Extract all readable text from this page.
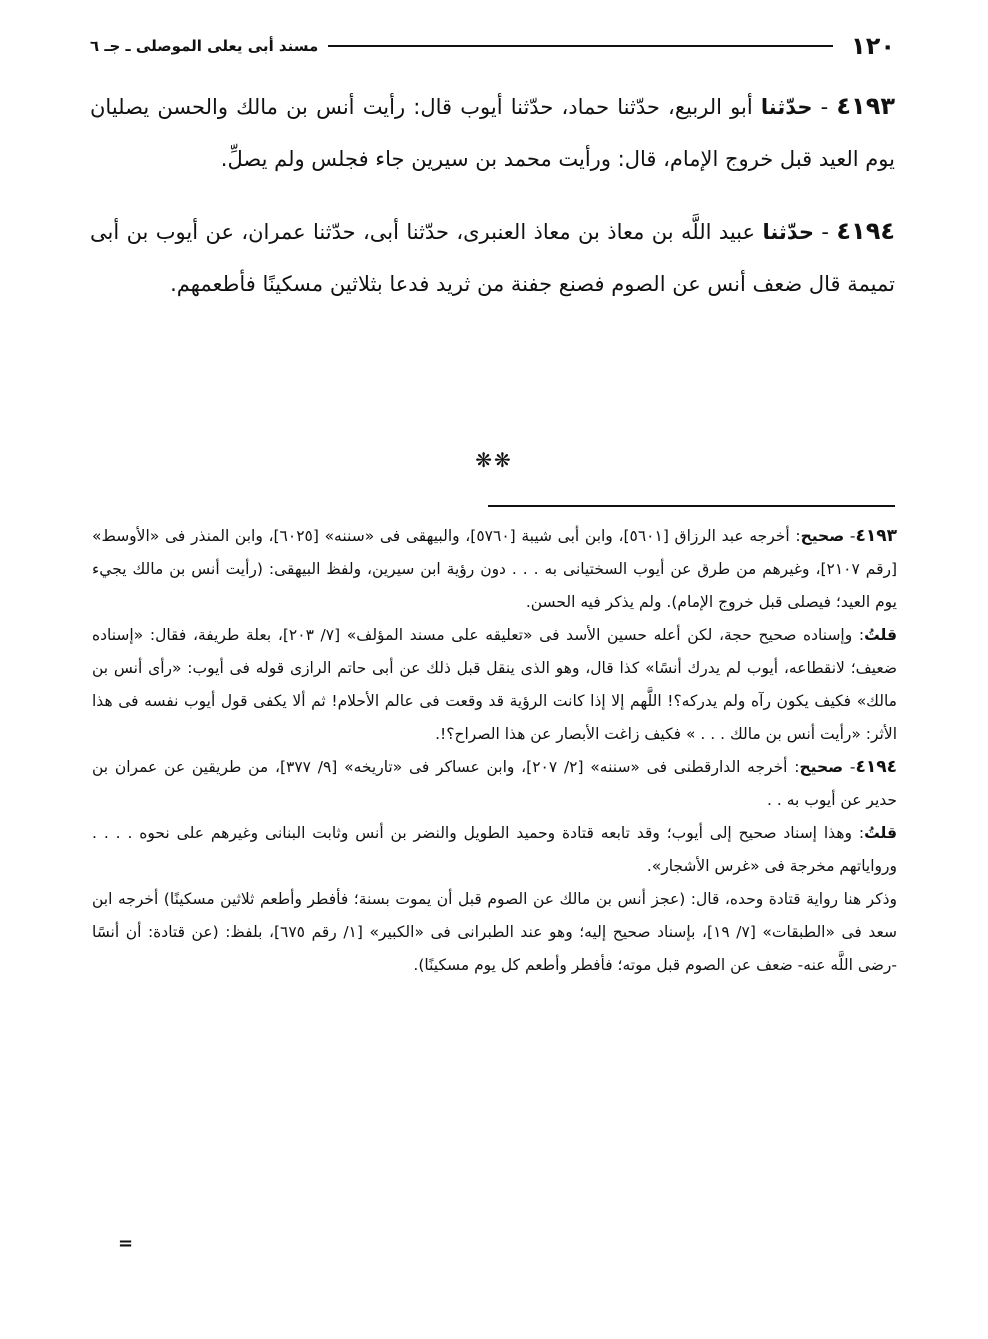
١٢٠
مسند أبى يعلى الموصلى ـ جـ ٦

٤١٩٣ - حدّثنا أبو الربيع، حدّثنا حماد، حدّثنا أيوب قال: رأيت أنس بن مالك والحسن يصليان يوم العيد قبل خروج الإمام، قال: ورأيت محمد بن سيرين جاء فجلس ولم يصلِّ.

٤١٩٤ - حدّثنا عبيد اللَّه بن معاذ بن معاذ العنبرى، حدّثنا أبى، حدّثنا عمران، عن أيوب بن أبى تميمة قال ضعف أنس عن الصوم فصنع جفنة من ثريد فدعا بثلاثين مسكينًا فأطعمهم.

❋❋

٤١٩٣- صحيح: أخرجه عبد الرزاق [٥٦٠١]، وابن أبى شيبة [٥٧٦٠]، والبيهقى فى «سننه» [٦٠٢٥]، وابن المنذر فى «الأوسط» [رقم ٢١٠٧]، وغيرهم من طرق عن أيوب السختيانى به . . . دون رؤية ابن سيرين، ولفظ البيهقى: (رأيت أنس بن مالك يجيء يوم العيد؛ فيصلى قبل خروج الإمام). ولم يذكر فيه الحسن.

قلتُ: وإسناده صحيح حجة، لكن أعله حسين الأسد فى «تعليقه على مسند المؤلف» [٧/ ٢٠٣]، بعلة طريفة، فقال: «إسناده ضعيف؛ لانقطاعه، أيوب لم يدرك أنسًا» كذا قال، وهو الذى ينقل قبل ذلك عن أبى حاتم الرازى قوله فى أيوب: «رأى أنس بن مالك» فكيف يكون رآه ولم يدركه؟! اللَّهم إلا إذا كانت الرؤية قد وقعت فى عالم الأحلام! ثم ألا يكفى قول أيوب نفسه فى هذا الأثر: «رأيت أنس بن مالك . . . » فكيف زاغت الأبصار عن هذا الصراح؟!.

٤١٩٤- صحيح: أخرجه الدارقطنى فى «سننه» [٢/ ٢٠٧]، وابن عساكر فى «تاريخه» [٩/ ٣٧٧]، من طريقين عن عمران بن حدير عن أيوب به . .

قلتُ: وهذا إسناد صحيح إلى أيوب؛ وقد تابعه قتادة وحميد الطويل والنضر بن أنس وثابت البنانى وغيرهم على نحوه . . . . ورواياتهم مخرجة فى «غرس الأشجار».

وذكر هنا رواية قتادة وحده، قال: (عجز أنس بن مالك عن الصوم قبل أن يموت بسنة؛ فأفطر وأطعم ثلاثين مسكينًا) أخرجه ابن سعد فى «الطبقات» [٧/ ١٩]، بإسناد صحيح إليه؛ وهو عند الطبرانى فى «الكبير» [١/ رقم ٦٧٥]، بلفظ: (عن قتادة: أن أنسًا -رضى اللَّه عنه- ضعف عن الصوم قبل موته؛ فأفطر وأطعم كل يوم مسكينًا).

=
